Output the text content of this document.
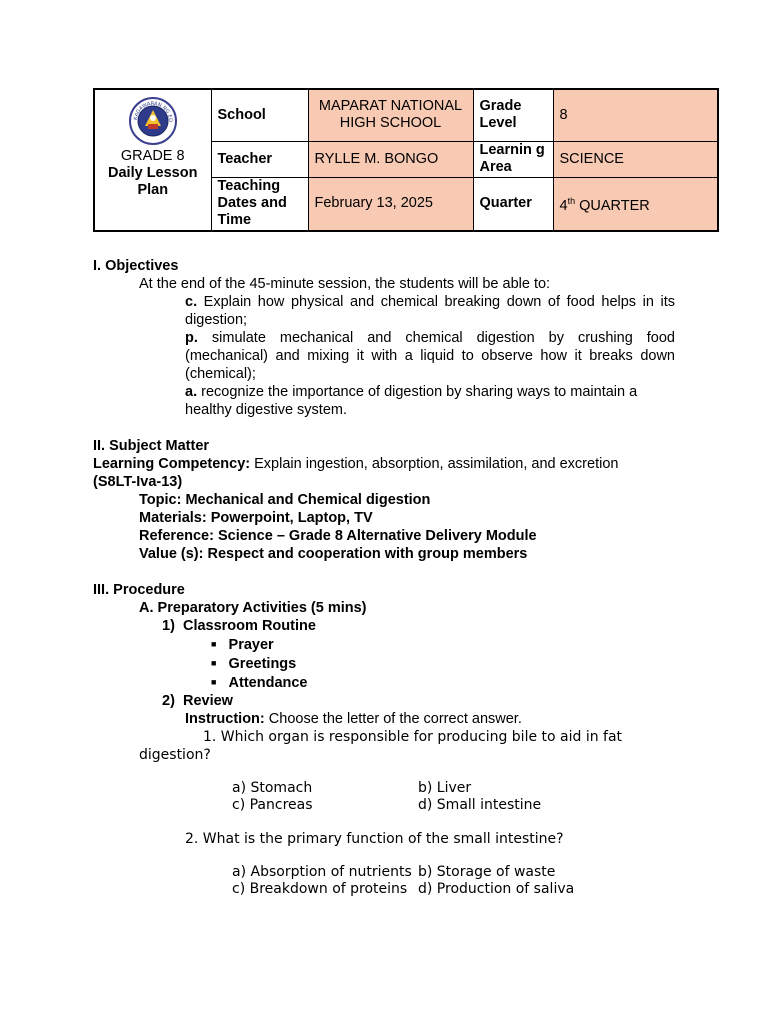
KAGAWARAN NG ED
GRADE 8
Daily Lesson Plan	School	MAPARAT NATIONAL HIGH SCHOOL	Grade Level	8
	Teacher	RYLLE M. BONGO	Learnin g Area	SCIENCE
	Teaching Dates and Time	February 13, 2025	Quarter	4th QUARTER

I. Objectives

At the end of the 45-minute session, the students will be able to:

c. Explain how physical and chemical breaking down of food helps in its digestion;

p. simulate mechanical and chemical digestion by crushing food (mechanical) and mixing it with a liquid to observe how it breaks down (chemical);

a. recognize the importance of digestion by sharing ways to maintain a healthy digestive system.

II. Subject Matter

Learning Competency: Explain ingestion, absorption, assimilation, and excretion

(S8LT-Iva-13)

Topic: Mechanical and Chemical digestion

Materials: Powerpoint, Laptop, TV

Reference: Science – Grade 8 Alternative Delivery Module

Value (s): Respect and cooperation with group members

III. Procedure

A. Preparatory Activities (5 mins)

1) Classroom Routine

■ Prayer

■ Greetings

■ Attendance

2) Review

Instruction: Choose the letter of the correct answer.

1. Which organ is responsible for producing bile to aid in fat

digestion?

a) Stomach	b) Liver
c) Pancreas	d) Small intestine

2. What is the primary function of the small intestine?

a) Absorption of nutrients b) Storage of waste
c) Breakdown of proteins d) Production of saliva
